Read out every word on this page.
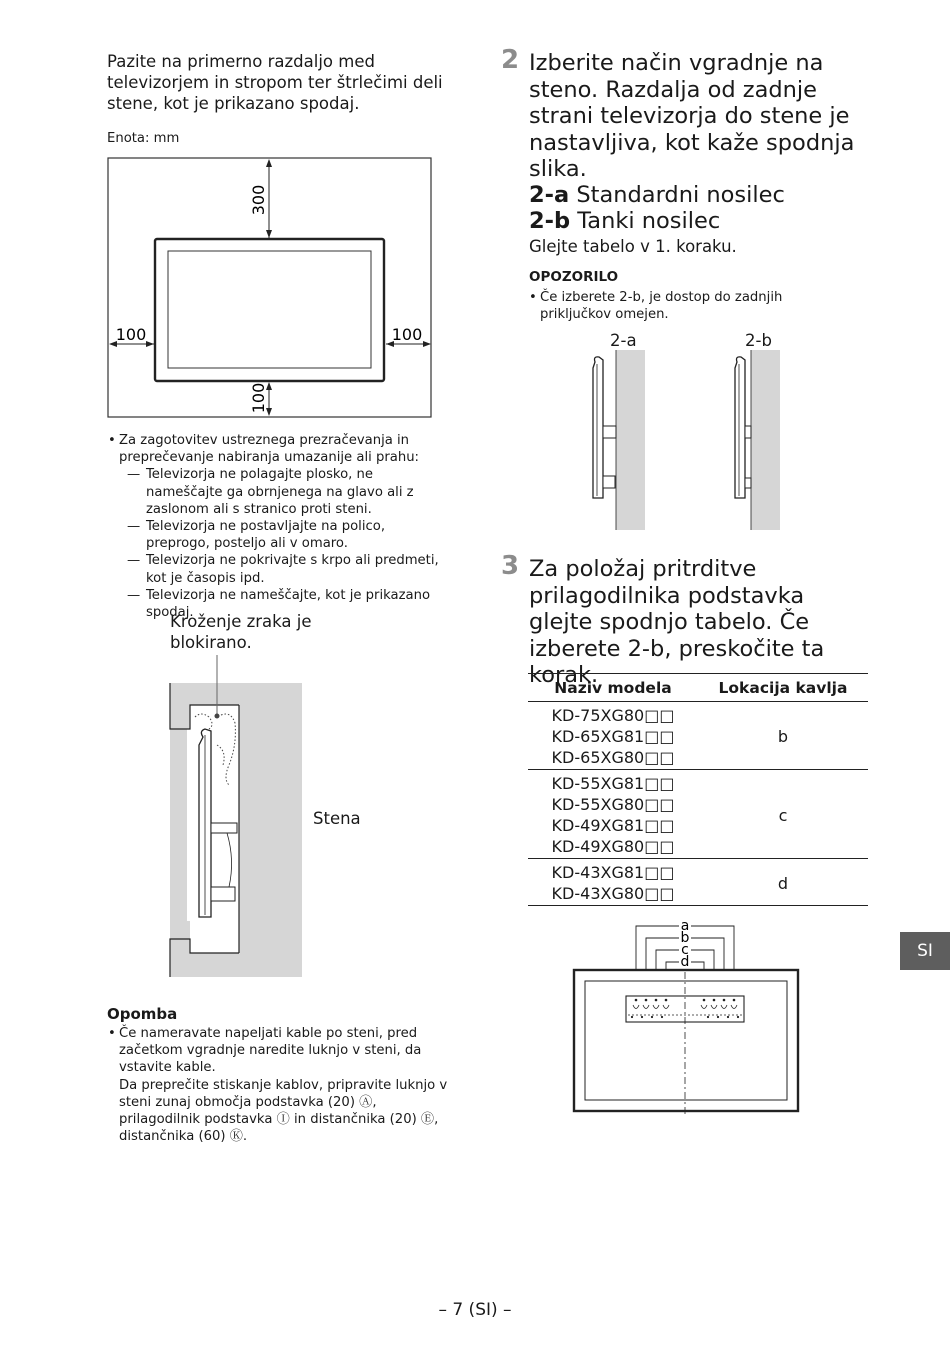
Pazite na primerno razdaljo med televizorjem in stropom ter štrlečimi deli stene, kot je prikazano spodaj.
Enota: mm
300
100	100
100
• Za zagotovitev ustreznega prezračevanja in preprečevanje nabiranja umazanije ali prahu:
— Televizorja ne polagajte plosko, ne nameščajte ga obrnjenega na glavo ali z zaslonom ali s stranico proti steni.
— Televizorja ne postavljajte na polico, preprogo, posteljo ali v omaro.
— Televizorja ne pokrivajte s krpo ali predmeti, kot je časopis ipd.
— Televizorja ne nameščajte, kot je prikazano spodaj.
Kroženje zraka je blokirano.
Stena
Opomba
• Če nameravate napeljati kable po steni, pred začetkom vgradnje naredite luknjo v steni, da vstavite kable.
Da preprečite stiskanje kablov, pripravite luknjo v steni zunaj območja podstavka (20) Ⓐ, prilagodilnik podstavka Ⓘ in distančnika (20) Ⓔ, distančnika (60) Ⓚ.
2 Izberite način vgradnje na steno. Razdalja od zadnje strani televizorja do stene je nastavljiva, kot kaže spodnja slika.
2-a Standardni nosilec
2-b Tanki nosilec
Glejte tabelo v 1. koraku.
OPOZORILO
• Če izberete 2-b, je dostop do zadnjih priključkov omejen.
2-a	2-b
3 Za položaj pritrditve prilagodilnika podstavka glejte spodnjo tabelo. Če izberete 2-b, preskočite ta korak.
Naziv modela	Lokacija kavlja
KD-75XG80□□
KD-65XG81□□
KD-65XG80□□
b
KD-55XG81□□
KD-55XG80□□
KD-49XG81□□
KD-49XG80□□
c
KD-43XG81□□
KD-43XG80□□
d
a
b
c
d
SI
– 7 (SI) –
